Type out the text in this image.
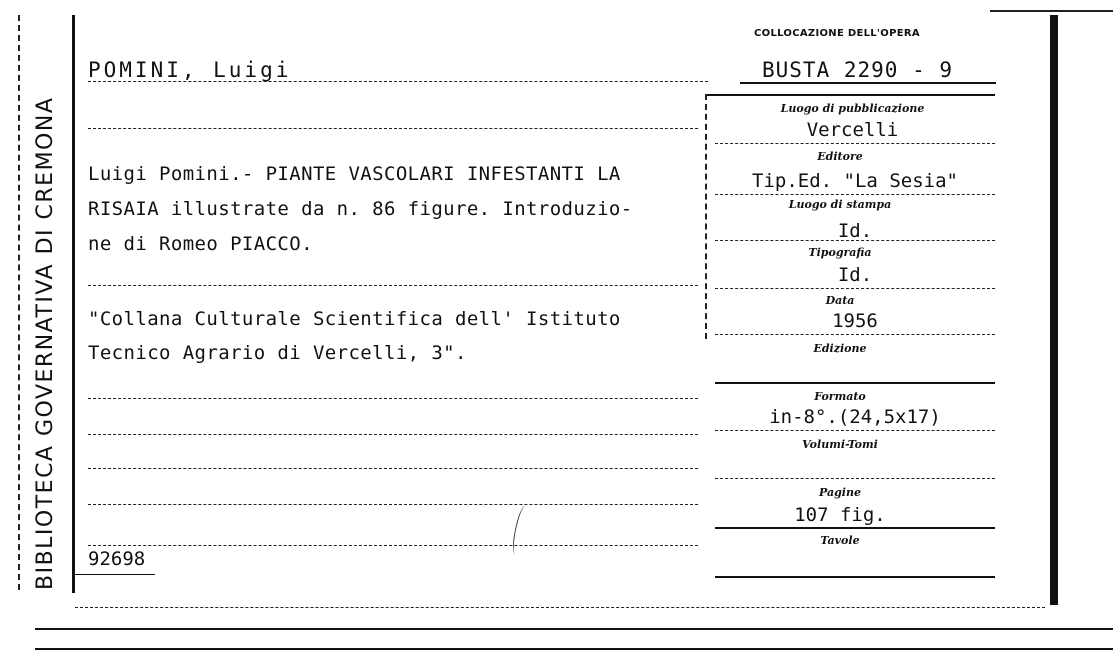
BIBLIOTECA GOVERNATIVA DI CREMONA
POMINI, Luigi
COLLOCAZIONE DELL'OPERA
BUSTA 2290 - 9
Luigi Pomini.- PIANTE VASCOLARI INFESTANTI LA
RISAIA illustrate da n. 86 figure. Introduzio-
ne di Romeo PIACCO.
"Collana Culturale Scientifica dell' Istituto
Tecnico Agrario di Vercelli, 3".
92698
Luogo di pubblicazione
Vercelli
Editore
Tip.Ed. "La Sesia"
Luogo di stampa
Id.
Tipografia
Id.
Data
1956
Edizione
Formato
in-8°.(24,5x17)
Volumi-Tomi
Pagine
107 fig.
Tavole
